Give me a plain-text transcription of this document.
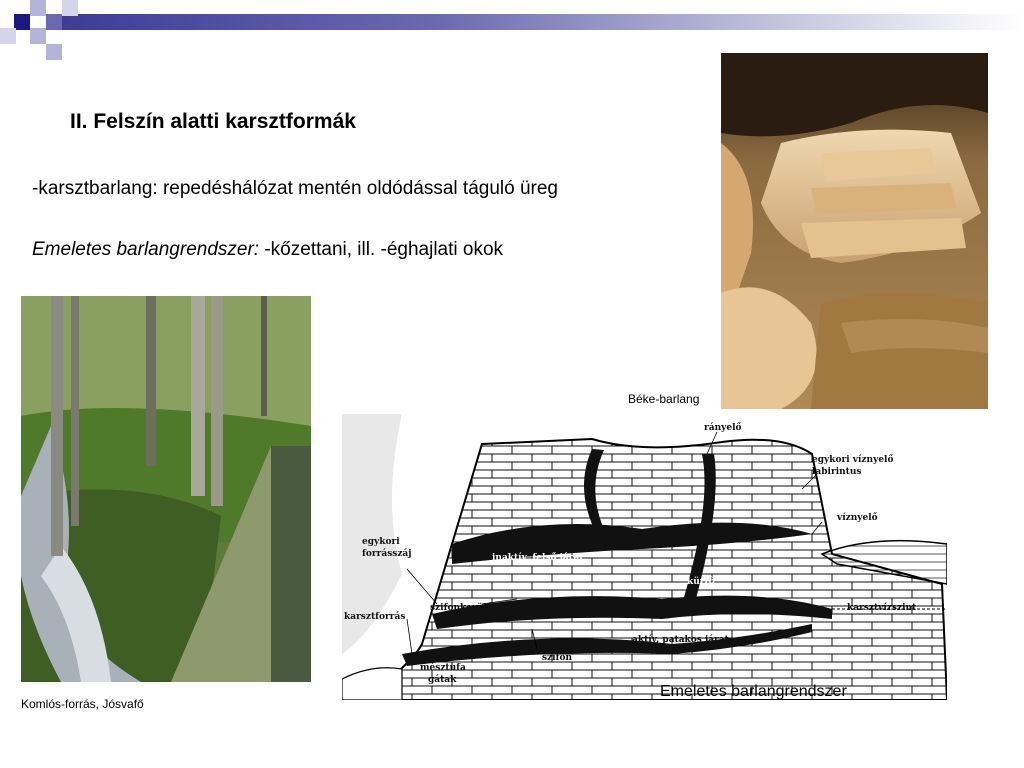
II. Felszín alatti karsztformák
-karsztbarlang: repedéshálózat mentén oldódással táguló üreg
Emeletes barlangrendszer: -kőzettani, ill. -éghajlati okok
Béke-barlang
Komlós-forrás, Jósvafő
rányelő
egykori víznyelő
labirintus
víznyelő
egykori
forrásszáj	inaktív, felső járat
kürtő
szifonkerülő
karsztforrás
karsztvízszint
aktív, patakos járat
szifon
mésztufa
gátak
Emeletes barlangrendszer
